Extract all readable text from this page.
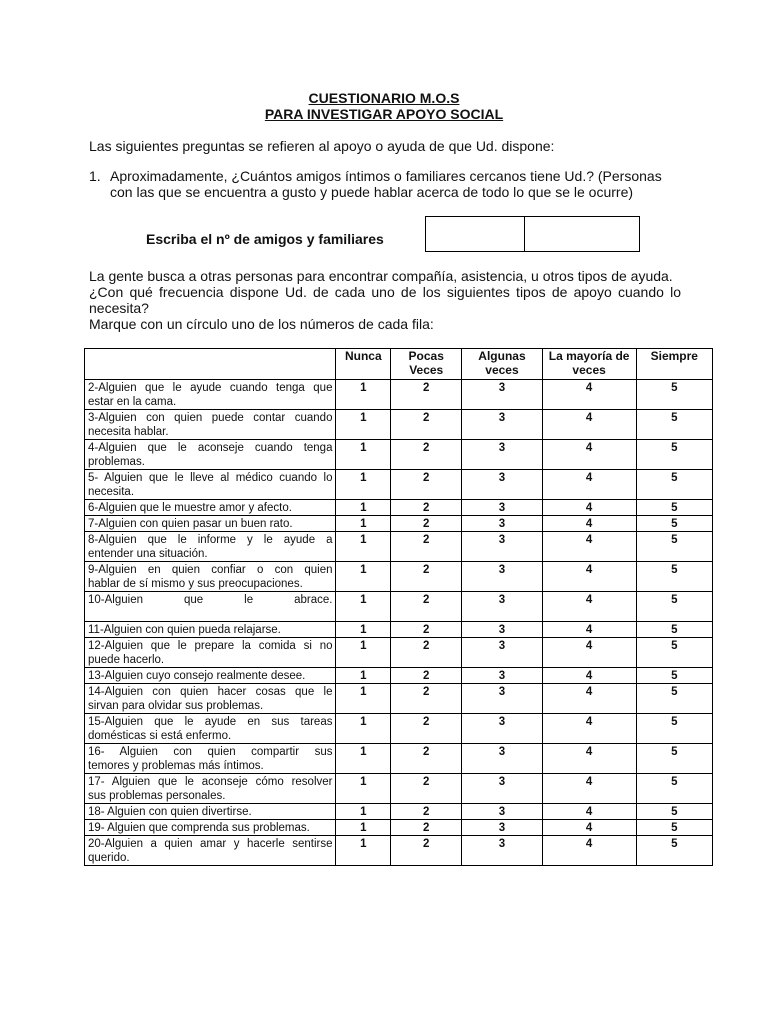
CUESTIONARIO M.O.S
PARA INVESTIGAR APOYO SOCIAL
Las siguientes preguntas se refieren al apoyo o ayuda de que Ud. dispone:
1. Aproximadamente, ¿Cuántos amigos íntimos o familiares cercanos tiene Ud.? (Personas
con las que se encuentra a gusto y puede hablar acerca de todo lo que se le ocurre)
Escriba el nº de amigos y familiares
La gente busca a otras personas para encontrar compañía, asistencia, u otros tipos de ayuda.
¿Con qué frecuencia dispone Ud. de cada uno de los siguientes tipos de apoyo cuando lo
necesita?
Marque con un círculo uno de los números de cada fila:
	Nunca	Pocas Veces	Algunas veces	La mayoría de veces	Siempre

2-Alguien que le ayude cuando tenga que
estar en la cama.	1	2	3	4	5

3-Alguien con quien puede contar cuando
necesita hablar.	1	2	3	4	5

4-Alguien que le aconseje cuando tenga
problemas.	1	2	3	4	5

5- Alguien que le lleve al médico cuando lo
necesita.	1	2	3	4	5

6-Alguien que le muestre amor y afecto.	1	2	3	4	5

7-Alguien con quien pasar un buen rato.	1	2	3	4	5

8-Alguien que le informe y le ayude a
entender una situación.	1	2	3	4	5

9-Alguien en quien confiar o con quien
hablar de sí mismo y sus preocupaciones.	1	2	3	4	5

10-Alguien que le abrace.	1	2	3	4	5

11-Alguien con quien pueda relajarse.	1	2	3	4	5

12-Alguien que le prepare la comida si no
puede hacerlo.	1	2	3	4	5

13-Alguien cuyo consejo realmente desee.	1	2	3	4	5

14-Alguien con quien hacer cosas que le
sirvan para olvidar sus problemas.	1	2	3	4	5

15-Alguien que le ayude en sus tareas
domésticas si está enfermo.	1	2	3	4	5

16- Alguien con quien compartir sus
temores y problemas más íntimos.	1	2	3	4	5

17- Alguien que le aconseje cómo resolver
sus problemas personales.	1	2	3	4	5

18- Alguien con quien divertirse.	1	2	3	4	5

19- Alguien que comprenda sus problemas.	1	2	3	4	5

20-Alguien a quien amar y hacerle sentirse
querido.	1	2	3	4	5
